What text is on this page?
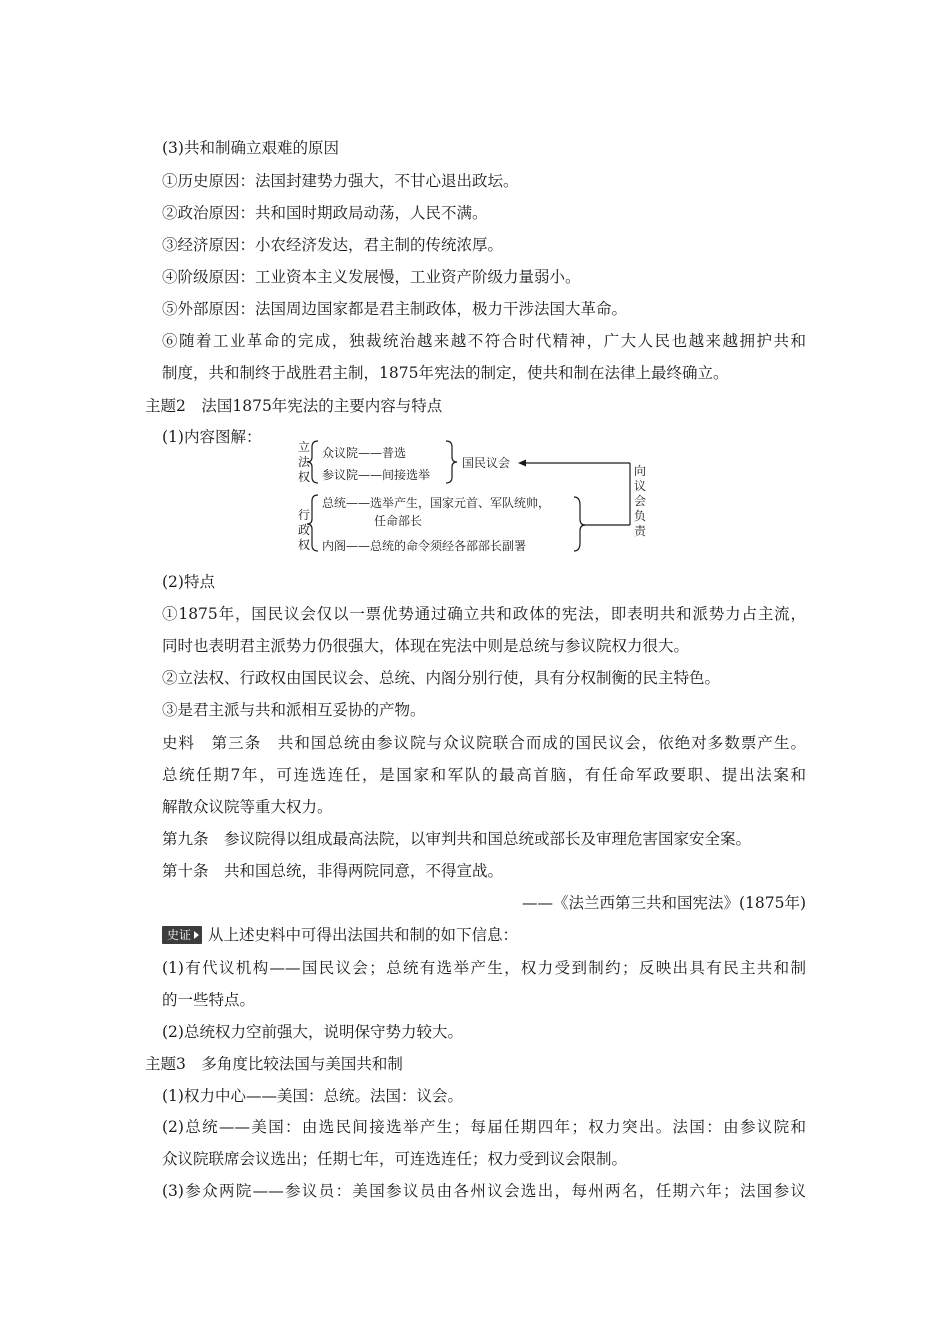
(3)共和制确立艰难的原因
①历史原因：法国封建势力强大，不甘心退出政坛。
②政治原因：共和国时期政局动荡，人民不满。
③经济原因：小农经济发达，君主制的传统浓厚。
④阶级原因：工业资本主义发展慢，工业资产阶级力量弱小。
⑤外部原因：法国周边国家都是君主制政体，极力干涉法国大革命。
⑥随着工业革命的完成，独裁统治越来越不符合时代精神，广大人民也越来越拥护共和
制度，共和制终于战胜君主制，1875年宪法的制定，使共和制在法律上最终确立。
主题2　法国1875年宪法的主要内容与特点
(1)内容图解：
立
法
权
众议院——普选
参议院——间接选举
国民议会
向
议
会
负
责
行
政
权
总统——选举产生，国家元首、军队统帅，
任命部长
内阁——总统的命令须经各部部长副署
(2)特点
①1875年，国民议会仅以一票优势通过确立共和政体的宪法，即表明共和派势力占主流，
同时也表明君主派势力仍很强大，体现在宪法中则是总统与参议院权力很大。
②立法权、行政权由国民议会、总统、内阁分别行使，具有分权制衡的民主特色。
③是君主派与共和派相互妥协的产物。
史料　第三条　共和国总统由参议院与众议院联合而成的国民议会，依绝对多数票产生。
总统任期7年，可连选连任，是国家和军队的最高首脑，有任命军政要职、提出法案和
解散众议院等重大权力。
第九条　参议院得以组成最高法院，以审判共和国总统或部长及审理危害国家安全案。
第十条　共和国总统，非得两院同意，不得宣战。
——《法兰西第三共和国宪法》(1875年)
史证 从上述史料中可得出法国共和制的如下信息：
(1)有代议机构——国民议会；总统有选举产生，权力受到制约；反映出具有民主共和制
的一些特点。
(2)总统权力空前强大，说明保守势力较大。
主题3　多角度比较法国与美国共和制
(1)权力中心——美国：总统。法国：议会。
(2)总统——美国：由选民间接选举产生；每届任期四年；权力突出。法国：由参议院和
众议院联席会议选出；任期七年，可连选连任；权力受到议会限制。
(3)参众两院——参议员：美国参议员由各州议会选出，每州两名，任期六年；法国参议
